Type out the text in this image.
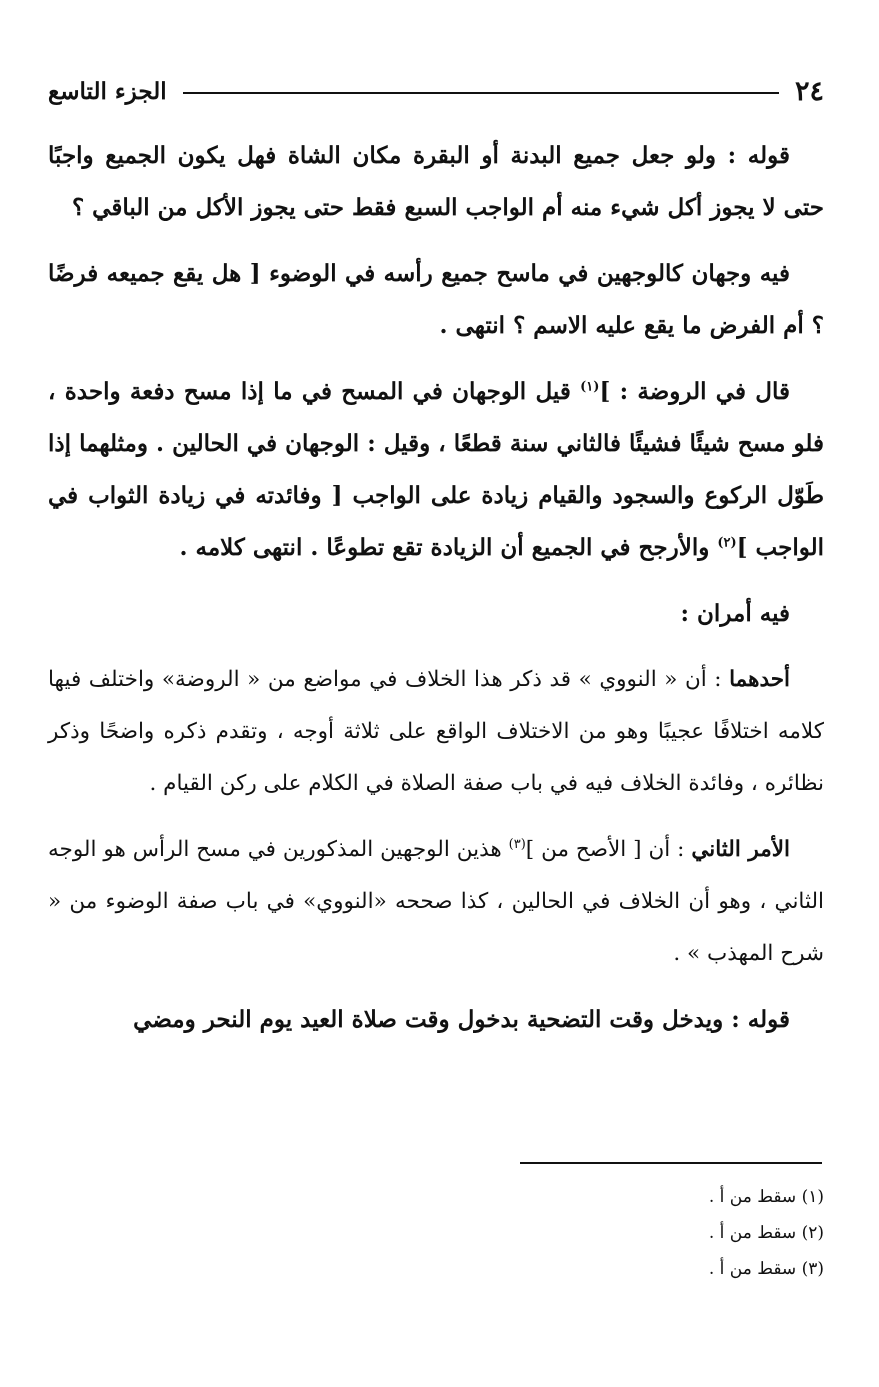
٢٤
الجزء التاسع

قوله : ولو جعل جميع البدنة أو البقرة مكان الشاة فهل يكون الجميع واجبًا حتى لا يجوز أكل شيء منه أم الواجب السبع فقط حتى يجوز الأكل من الباقي ؟

فيه وجهان كالوجهين في ماسح جميع رأسه في الوضوء [ هل يقع جميعه فرضًا ؟ أم الفرض ما يقع عليه الاسم ؟ انتهى .

قال في الروضة : ]$^{(١)}$ قيل الوجهان في المسح في ما إذا مسح دفعة واحدة ، فلو مسح شيئًا فشيئًا فالثاني سنة قطعًا ، وقيل : الوجهان في الحالين . ومثلهما إذا طَوّل الركوع والسجود والقيام زيادة على الواجب [ وفائدته في زيادة الثواب في الواجب ]$^{(٢)}$ والأرجح في الجميع أن الزيادة تقع تطوعًا . انتهى كلامه .

فيه أمران :

أحدهما : أن « النووي » قد ذكر هذا الخلاف في مواضع من « الروضة» واختلف فيها كلامه اختلافًا عجيبًا وهو من الاختلاف الواقع على ثلاثة أوجه ، وتقدم ذكره واضحًا وذكر نظائره ، وفائدة الخلاف فيه في باب صفة الصلاة في الكلام على ركن القيام .

الأمر الثاني : أن [ الأصح من ]$^{(٣)}$ هذين الوجهين المذكورين في مسح الرأس هو الوجه الثاني ، وهو أن الخلاف في الحالين ، كذا صححه «النووي» في باب صفة الوضوء من « شرح المهذب » .

قوله : ويدخل وقت التضحية بدخول وقت صلاة العيد يوم النحر ومضي

(١) سقط من أ .

(٢) سقط من أ .

(٣) سقط من أ .
